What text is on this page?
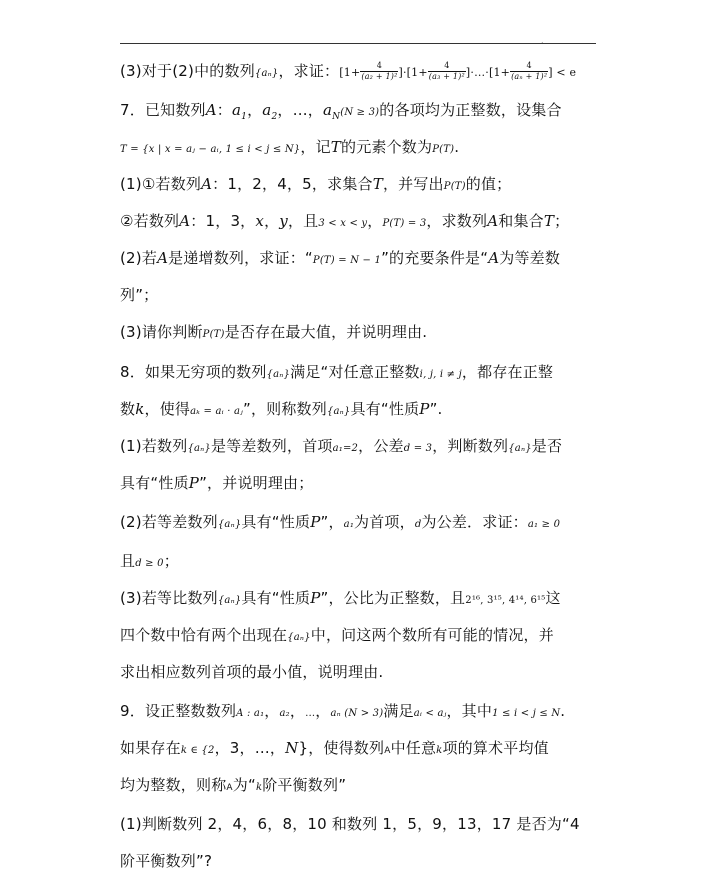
.
(3)对于(2)中的数列{aₙ}，求证：$[1+ \frac{4}{\text{(a₂ + 1)²}} ]\cdot[1+ \frac{4}{\text{(a₃ + 1)²}}$ ]·…·[1+ $\frac{4}{\text{(aₙ + 1)²}}$ ] < e
7．已知数列A：$a_1$，$a_2$，…，$a_N(N \ge 3)$的各项均为正整数，设集合
T = {x | x = aⱼ − aᵢ, 1 ≤ i < j ≤ N}，记T的元素个数为P(T).
(1)①若数列A：1，2，4，5，求集合T，并写出P(T)的值；
②若数列A：1，3，x，y，且3 < x < y，P(T) = 3，求数列A和集合T；
(2)若A是递增数列，求证：“P(T) = N − 1”的充要条件是“A为等差数
列”；
(3)请你判断P(T)是否存在最大值，并说明理由.
8．如果无穷项的数列{aₙ}满足“对任意正整数i, j, i ≠ j，都存在正整
数k，使得aₖ = aᵢ · aⱼ”，则称数列{aₙ}具有“性质P”.
(1)若数列{aₙ}是等差数列，首项a₁=2，公差d = 3，判断数列{aₙ}是否
具有“性质P”，并说明理由；
(2)若等差数列{aₙ}具有“性质P”，a₁为首项，d为公差．求证：a₁ ≥ 0
且d ≥ 0；
(3)若等比数列{aₙ}具有“性质P”，公比为正整数，且2¹⁶, 3¹⁵, 4¹⁴, 6¹⁵这
四个数中恰有两个出现在{aₙ}中，问这两个数所有可能的情况，并
求出相应数列首项的最小值，说明理由.
9．设正整数数列A : a₁，a₂，…，aₙ (N > 3)满足aᵢ < aⱼ，其中1 ≤ i < j ≤ N.
如果存在k ∈ {2，3，…，N}，使得数列A中任意k项的算术平均值
均为整数，则称A为“k阶平衡数列”
(1)判断数列 2，4，6，8，10 和数列 1，5，9，13，17 是否为“4
阶平衡数列”?
